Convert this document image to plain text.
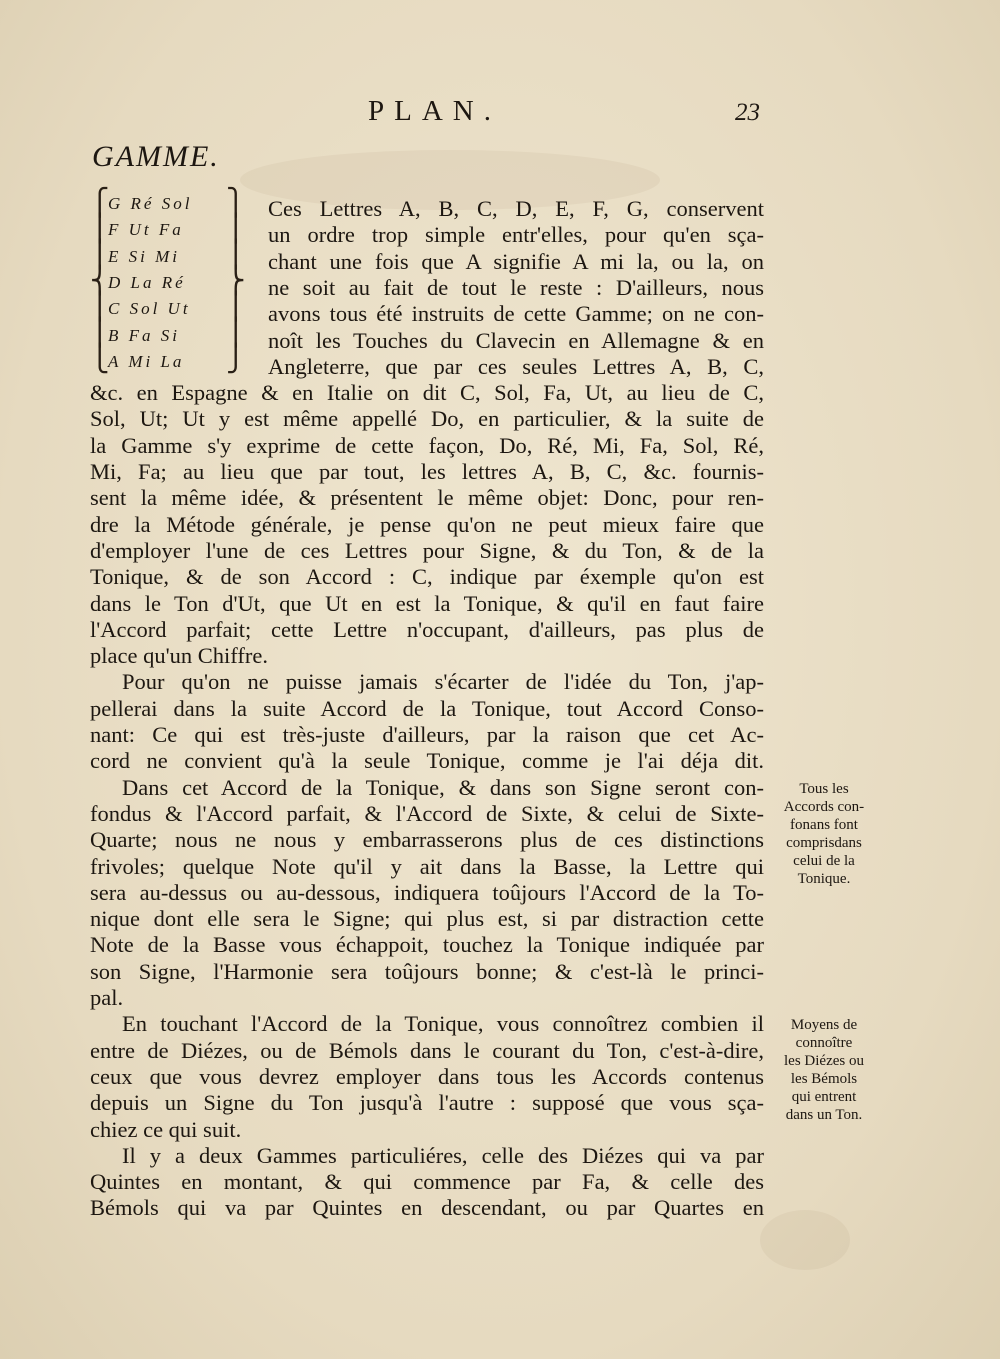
PLAN.	23
GAMME.
⎧
⎪
⎪
⎨
⎪
⎪
⎩
⎫
⎪
⎪
⎬
⎪
⎪
⎭
G Ré Sol
F Ut Fa
E Si Mi
D La Ré
C Sol Ut
B Fa Si
A Mi La
Ces Lettres A, B, C, D, E, F, G, conservent
un ordre trop simple entr'elles, pour qu'en sça-
chant une fois que A signifie A mi la, ou la, on
ne soit au fait de tout le reste : D'ailleurs, nous
avons tous été instruits de cette Gamme; on ne con-
noît les Touches du Clavecin en Allemagne & en
Angleterre, que par ces seules Lettres A, B, C,
&c. en Espagne & en Italie on dit C, Sol, Fa, Ut, au lieu de C,
Sol, Ut; Ut y est même appellé Do, en particulier, & la suite de
la Gamme s'y exprime de cette façon, Do, Ré, Mi, Fa, Sol, Ré,
Mi, Fa; au lieu que par tout, les lettres A, B, C, &c. fournis-
sent la même idée, & présentent le même objet: Donc, pour ren-
dre la Métode générale, je pense qu'on ne peut mieux faire que
d'employer l'une de ces Lettres pour Signe, & du Ton, & de la
Tonique, & de son Accord : C, indique par éxemple qu'on est
dans le Ton d'Ut, que Ut en est la Tonique, & qu'il en faut faire
l'Accord parfait; cette Lettre n'occupant, d'ailleurs, pas plus de
place qu'un Chiffre.
Pour qu'on ne puisse jamais s'écarter de l'idée du Ton, j'ap-
pellerai dans la suite Accord de la Tonique, tout Accord Conso-
nant: Ce qui est très-juste d'ailleurs, par la raison que cet Ac-
cord ne convient qu'à la seule Tonique, comme je l'ai déja dit.
Dans cet Accord de la Tonique, & dans son Signe seront con-
fondus & l'Accord parfait, & l'Accord de Sixte, & celui de Sixte-
Quarte; nous ne nous y embarrasserons plus de ces distinctions
frivoles; quelque Note qu'il y ait dans la Basse, la Lettre qui
sera au-dessus ou au-dessous, indiquera toûjours l'Accord de la To-
nique dont elle sera le Signe; qui plus est, si par distraction cette
Note de la Basse vous échappoit, touchez la Tonique indiquée par
son Signe, l'Harmonie sera toûjours bonne; & c'est-là le princi-
pal.
En touchant l'Accord de la Tonique, vous connoîtrez combien il
entre de Diézes, ou de Bémols dans le courant du Ton, c'est-à-dire,
ceux que vous devrez employer dans tous les Accords contenus
depuis un Signe du Ton jusqu'à l'autre : supposé que vous sça-
chiez ce qui suit.
Il y a deux Gammes particuliéres, celle des Diézes qui va par
Quintes en montant, & qui commence par Fa, & celle des
Bémols qui va par Quintes en descendant, ou par Quartes en
Tous les
Accords con-
fonans font
comprisdans
celui de la
Tonique.
Moyens de
connoître
les Diézes ou
les Bémols
qui entrent
dans un Ton.
